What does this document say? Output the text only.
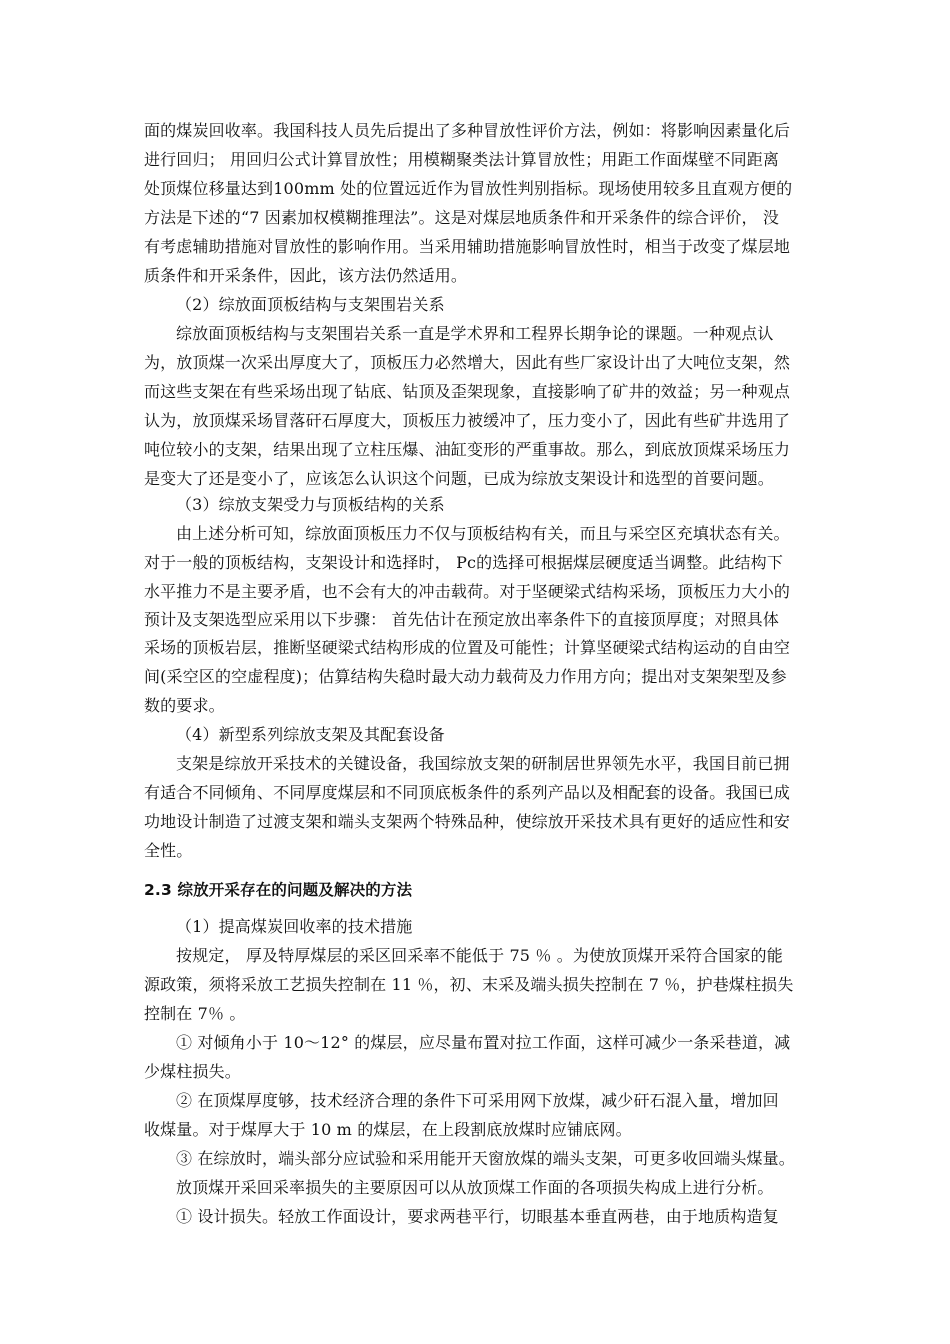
面的煤炭回收率。我国科技人员先后提出了多种冒放性评价方法，例如：将影响因素量化后
进行回归； 用回归公式计算冒放性；用模糊聚类法计算冒放性；用距工作面煤壁不同距离
处顶煤位移量达到100mm 处的位置远近作为冒放性判别指标。现场使用较多且直观方便的
方法是下述的“7 因素加权模糊推理法”。这是对煤层地质条件和开采条件的综合评价， 没
有考虑辅助措施对冒放性的影响作用。当采用辅助措施影响冒放性时，相当于改变了煤层地
质条件和开采条件，因此，该方法仍然适用。
（2）综放面顶板结构与支架围岩关系
综放面顶板结构与支架围岩关系一直是学术界和工程界长期争论的课题。一种观点认
为，放顶煤一次采出厚度大了，顶板压力必然增大，因此有些厂家设计出了大吨位支架，然
而这些支架在有些采场出现了钻底、钻顶及歪架现象，直接影响了矿井的效益；另一种观点
认为，放顶煤采场冒落矸石厚度大，顶板压力被缓冲了，压力变小了，因此有些矿井选用了
吨位较小的支架，结果出现了立柱压爆、油缸变形的严重事故。那么，到底放顶煤采场压力
是变大了还是变小了，应该怎么认识这个问题，已成为综放支架设计和选型的首要问题。
（3）综放支架受力与顶板结构的关系
由上述分析可知，综放面顶板压力不仅与顶板结构有关，而且与采空区充填状态有关。
对于一般的顶板结构，支架设计和选择时， Pc的选择可根据煤层硬度适当调整。此结构下
水平推力不是主要矛盾，也不会有大的冲击载荷。对于坚硬梁式结构采场，顶板压力大小的
预计及支架选型应采用以下步骤： 首先估计在预定放出率条件下的直接顶厚度；对照具体
采场的顶板岩层，推断坚硬梁式结构形成的位置及可能性；计算坚硬梁式结构运动的自由空
间(采空区的空虚程度)；估算结构失稳时最大动力载荷及力作用方向；提出对支架架型及参
数的要求。
（4）新型系列综放支架及其配套设备
支架是综放开采技术的关键设备，我国综放支架的研制居世界领先水平，我国目前已拥
有适合不同倾角、不同厚度煤层和不同顶底板条件的系列产品以及相配套的设备。我国已成
功地设计制造了过渡支架和端头支架两个特殊品种，使综放开采技术具有更好的适应性和安
全性。
2.3 综放开采存在的问题及解决的方法
（1）提高煤炭回收率的技术措施
按规定， 厚及特厚煤层的采区回采率不能低于 75 ％ 。为使放顶煤开采符合国家的能
源政策，须将采放工艺损失控制在 11 ％，初、末采及端头损失控制在 7 ％，护巷煤柱损失
控制在 7％ 。
① 对倾角小于 10～12° 的煤层，应尽量布置对拉工作面，这样可减少一条采巷道，减
少煤柱损失。
② 在顶煤厚度够，技术经济合理的条件下可采用网下放煤，减少矸石混入量，增加回
收煤量。对于煤厚大于 10 m 的煤层，在上段割底放煤时应铺底网。
③ 在综放时，端头部分应试验和采用能开天窗放煤的端头支架，可更多收回端头煤量。
放顶煤开采回采率损失的主要原因可以从放顶煤工作面的各项损失构成上进行分析。
① 设计损失。轻放工作面设计，要求两巷平行，切眼基本垂直两巷，由于地质构造复
